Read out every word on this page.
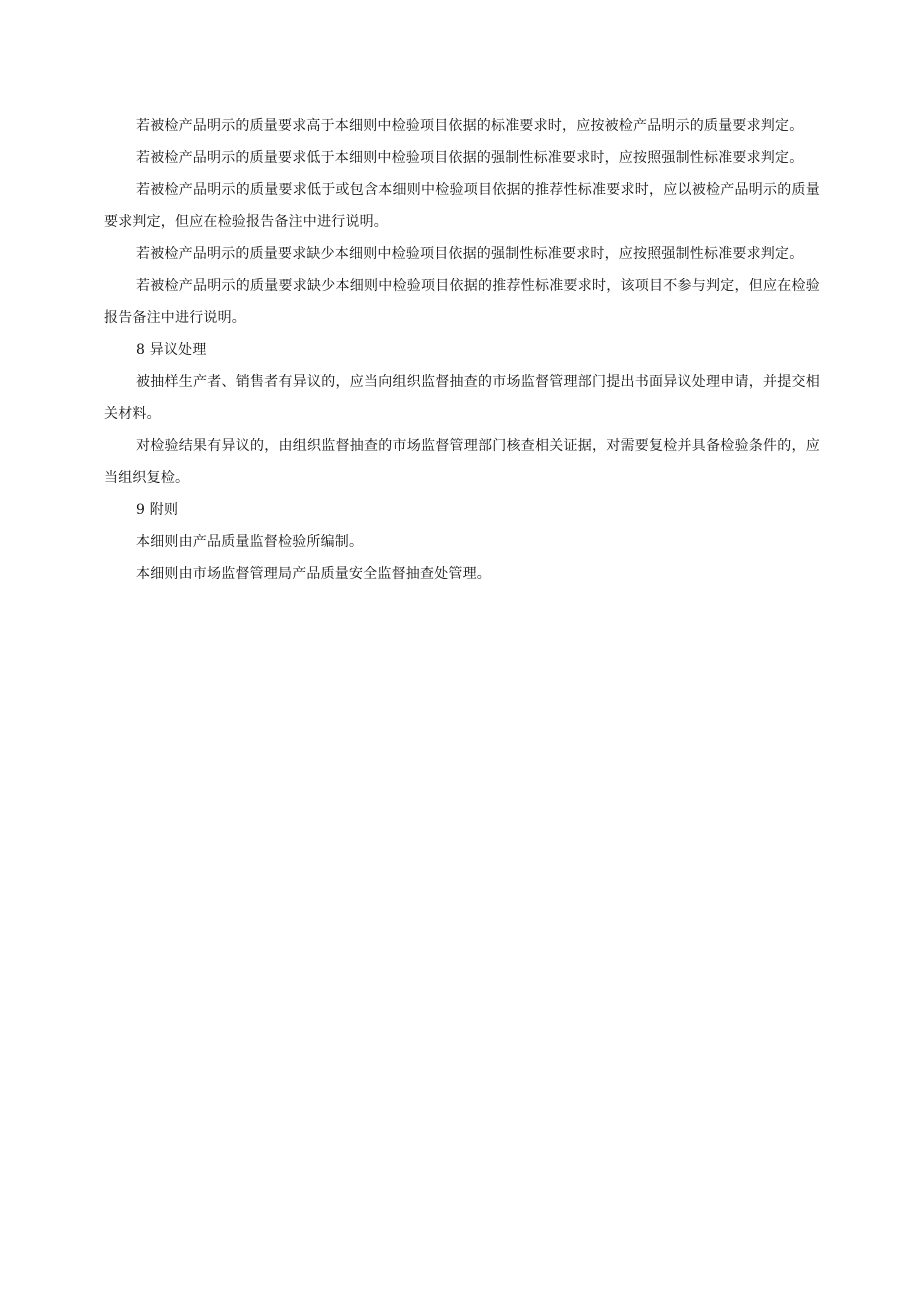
若被检产品明示的质量要求高于本细则中检验项目依据的标准要求时，应按被检产品明示的质量要求判定。

若被检产品明示的质量要求低于本细则中检验项目依据的强制性标准要求时，应按照强制性标准要求判定。

若被检产品明示的质量要求低于或包含本细则中检验项目依据的推荐性标准要求时，应以被检产品明示的质量要求判定，但应在检验报告备注中进行说明。

若被检产品明示的质量要求缺少本细则中检验项目依据的强制性标准要求时，应按照强制性标准要求判定。

若被检产品明示的质量要求缺少本细则中检验项目依据的推荐性标准要求时，该项目不参与判定，但应在检验报告备注中进行说明。

8 异议处理

被抽样生产者、销售者有异议的，应当向组织监督抽查的市场监督管理部门提出书面异议处理申请，并提交相关材料。

对检验结果有异议的，由组织监督抽查的市场监督管理部门核查相关证据，对需要复检并具备检验条件的，应当组织复检。

9 附则

本细则由产品质量监督检验所编制。

本细则由市场监督管理局产品质量安全监督抽查处管理。
